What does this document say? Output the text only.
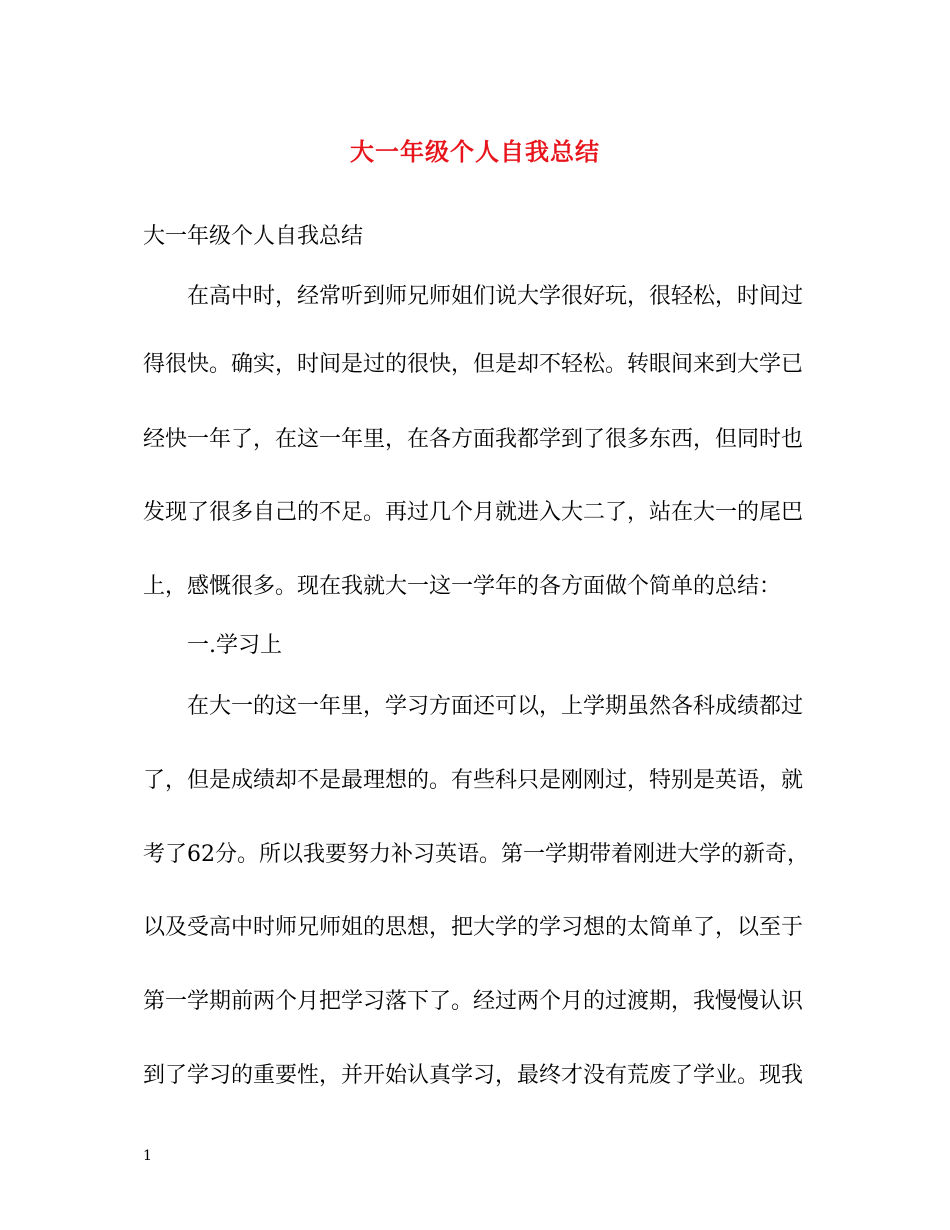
大一年级个人自我总结
大一年级个人自我总结
在高中时，经常听到师兄师姐们说大学很好玩，很轻松，时间过
得很快。确实，时间是过的很快，但是却不轻松。转眼间来到大学已
经快一年了，在这一年里，在各方面我都学到了很多东西，但同时也
发现了很多自己的不足。再过几个月就进入大二了，站在大一的尾巴
上，感慨很多。现在我就大一这一学年的各方面做个简单的总结：
一.学习上
在大一的这一年里，学习方面还可以，上学期虽然各科成绩都过
了，但是成绩却不是最理想的。有些科只是刚刚过，特别是英语，就
考了62分。所以我要努力补习英语。第一学期带着刚进大学的新奇，
以及受高中时师兄师姐的思想，把大学的学习想的太简单了，以至于
第一学期前两个月把学习落下了。经过两个月的过渡期，我慢慢认识
到了学习的重要性，并开始认真学习，最终才没有荒废了学业。现我
1
